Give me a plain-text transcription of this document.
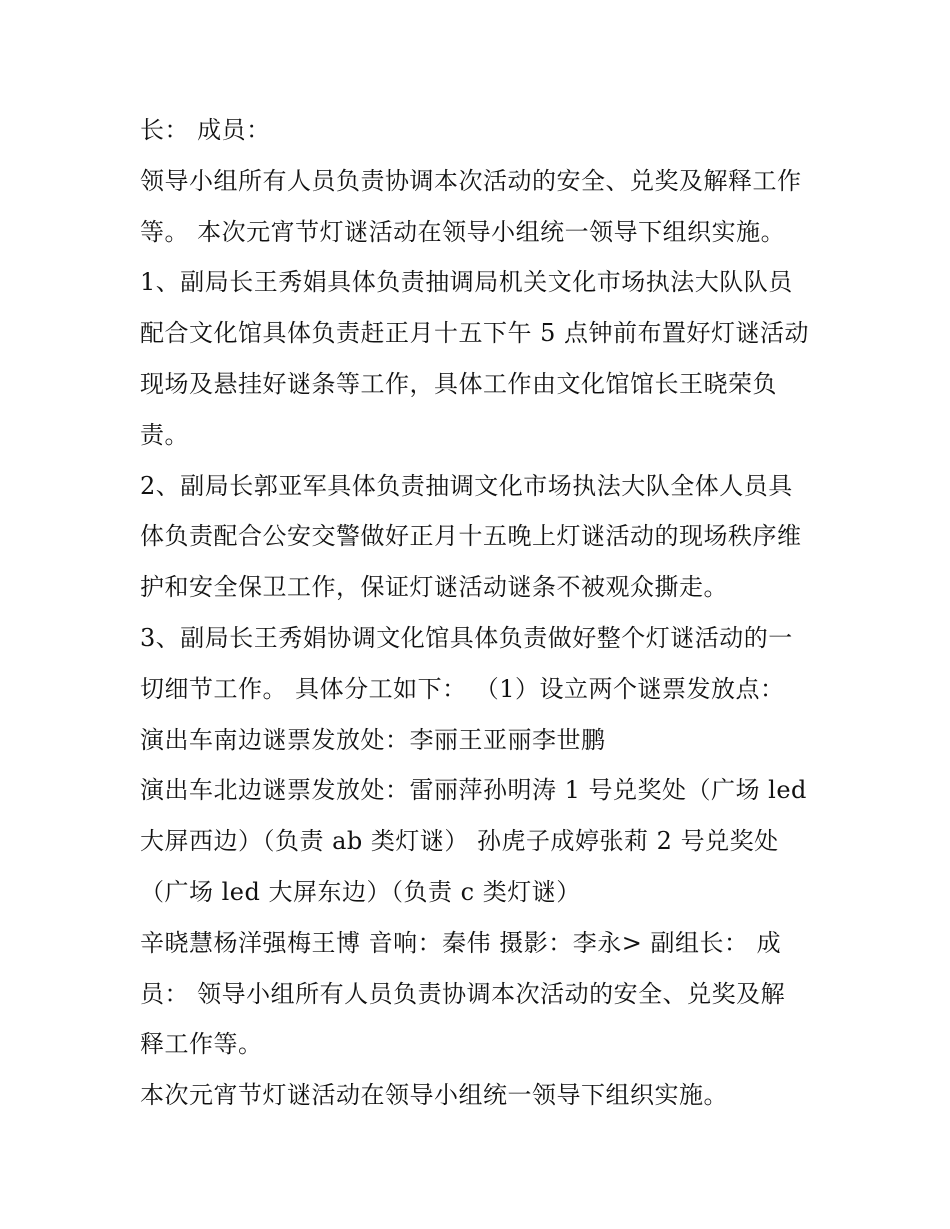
长： 成员：
领导小组所有人员负责协调本次活动的安全、兑奖及解释工作
等。 本次元宵节灯谜活动在领导小组统一领导下组织实施。
1、副局长王秀娟具体负责抽调局机关文化市场执法大队队员
配合文化馆具体负责赶正月十五下午 5 点钟前布置好灯谜活动
现场及悬挂好谜条等工作，具体工作由文化馆馆长王晓荣负
责。
2、副局长郭亚军具体负责抽调文化市场执法大队全体人员具
体负责配合公安交警做好正月十五晚上灯谜活动的现场秩序维
护和安全保卫工作，保证灯谜活动谜条不被观众撕走。
3、副局长王秀娟协调文化馆具体负责做好整个灯谜活动的一
切细节工作。 具体分工如下： （1）设立两个谜票发放点：
演出车南边谜票发放处：李丽王亚丽李世鹏
演出车北边谜票发放处：雷丽萍孙明涛 1 号兑奖处（广场 led
大屏西边）（负责 ab 类灯谜） 孙虎子成婷张莉 2 号兑奖处
（广场 led 大屏东边）（负责 c 类灯谜）
辛晓慧杨洋强梅王博 音响：秦伟 摄影：李永> 副组长： 成
员： 领导小组所有人员负责协调本次活动的安全、兑奖及解
释工作等。
本次元宵节灯谜活动在领导小组统一领导下组织实施。
